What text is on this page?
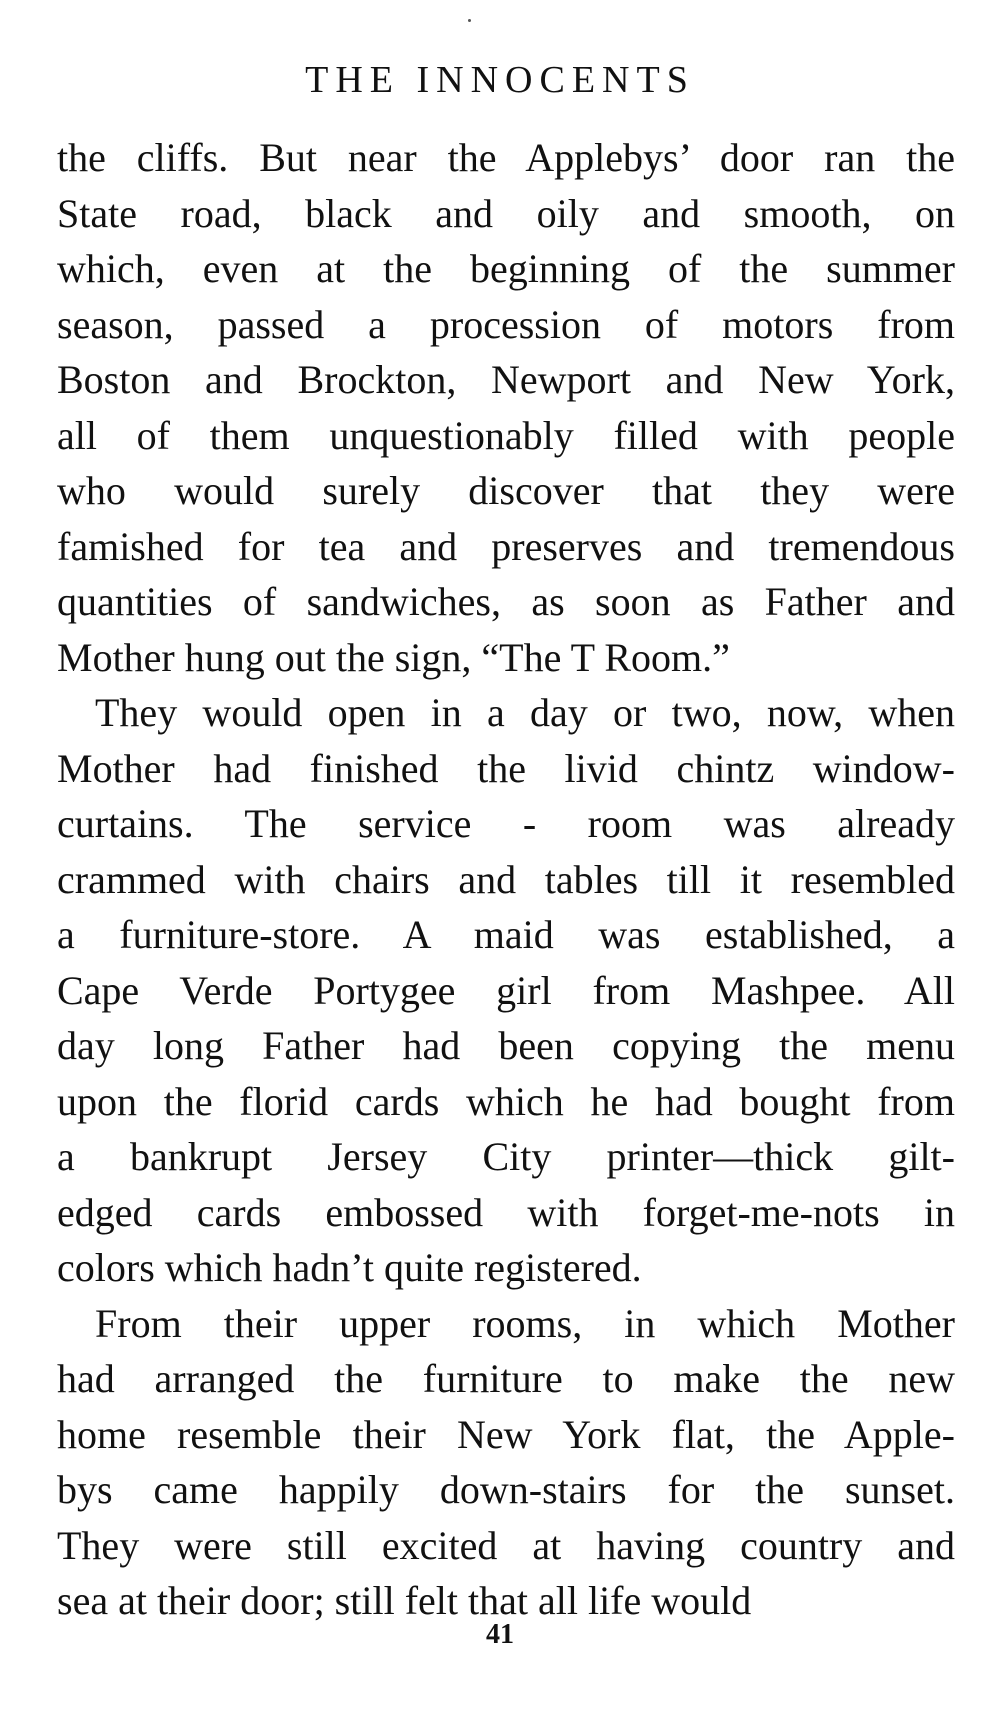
THE INNOCENTS
the cliffs. But near the Applebys’ door ran the
State road, black and oily and smooth, on
which, even at the beginning of the summer
season, passed a procession of motors from
Boston and Brockton, Newport and New York,
all of them unquestionably filled with people
who would surely discover that they were
famished for tea and preserves and tremendous
quantities of sandwiches, as soon as Father and
Mother hung out the sign, “The T Room.”
They would open in a day or two, now, when
Mother had finished the livid chintz window-
curtains. The service - room was already
crammed with chairs and tables till it resembled
a furniture-store. A maid was established, a
Cape Verde Portygee girl from Mashpee. All
day long Father had been copying the menu
upon the florid cards which he had bought from
a bankrupt Jersey City printer—thick gilt-
edged cards embossed with forget-me-nots in
colors which hadn’t quite registered.
From their upper rooms, in which Mother
had arranged the furniture to make the new
home resemble their New York flat, the Apple-
bys came happily down-stairs for the sunset.
They were still excited at having country and
sea at their door; still felt that all life would
41
